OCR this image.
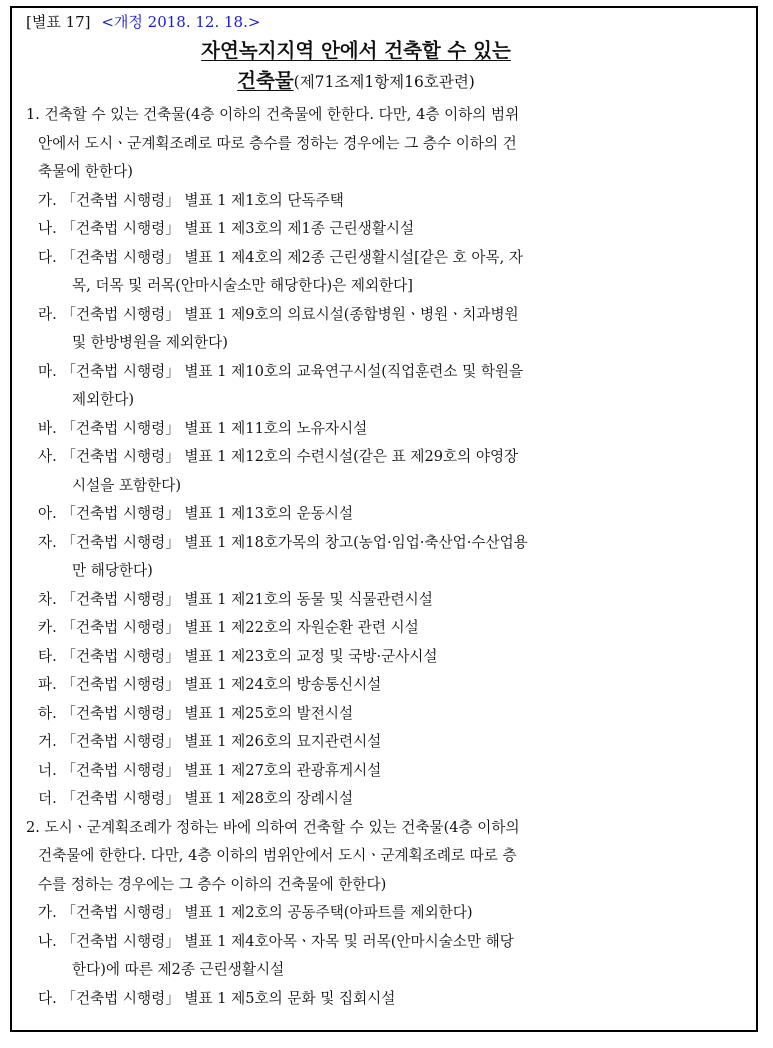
[별표 17] <개정 2018. 12. 18.>
자연녹지지역 안에서 건축할 수 있는
건축물(제71조제1항제16호관련)
1. 건축할 수 있는 건축물(4층 이하의 건축물에 한한다. 다만, 4층 이하의 범위
안에서 도시ㆍ군계획조례로 따로 층수를 정하는 경우에는 그 층수 이하의 건
축물에 한한다)
가. 「건축법 시행령」 별표 1 제1호의 단독주택
나. 「건축법 시행령」 별표 1 제3호의 제1종 근린생활시설
다. 「건축법 시행령」 별표 1 제4호의 제2종 근린생활시설[같은 호 아목, 자
목, 더목 및 러목(안마시술소만 해당한다)은 제외한다]
라. 「건축법 시행령」 별표 1 제9호의 의료시설(종합병원ㆍ병원ㆍ치과병원
및 한방병원을 제외한다)
마. 「건축법 시행령」 별표 1 제10호의 교육연구시설(직업훈련소 및 학원을
제외한다)
바. 「건축법 시행령」 별표 1 제11호의 노유자시설
사. 「건축법 시행령」 별표 1 제12호의 수련시설(같은 표 제29호의 야영장
시설을 포함한다)
아. 「건축법 시행령」 별표 1 제13호의 운동시설
자. 「건축법 시행령」 별표 1 제18호가목의 창고(농업·임업·축산업·수산업용
만 해당한다)
차. 「건축법 시행령」 별표 1 제21호의 동물 및 식물관련시설
카. 「건축법 시행령」 별표 1 제22호의 자원순환 관련 시설
타. 「건축법 시행령」 별표 1 제23호의 교정 및 국방·군사시설
파. 「건축법 시행령」 별표 1 제24호의 방송통신시설
하. 「건축법 시행령」 별표 1 제25호의 발전시설
거. 「건축법 시행령」 별표 1 제26호의 묘지관련시설
너. 「건축법 시행령」 별표 1 제27호의 관광휴게시설
더. 「건축법 시행령」 별표 1 제28호의 장례시설
2. 도시ㆍ군계획조례가 정하는 바에 의하여 건축할 수 있는 건축물(4층 이하의
건축물에 한한다. 다만, 4층 이하의 범위안에서 도시ㆍ군계획조례로 따로 층
수를 정하는 경우에는 그 층수 이하의 건축물에 한한다)
가. 「건축법 시행령」 별표 1 제2호의 공동주택(아파트를 제외한다)
나. 「건축법 시행령」 별표 1 제4호아목ㆍ자목 및 러목(안마시술소만 해당
한다)에 따른 제2종 근린생활시설
다. 「건축법 시행령」 별표 1 제5호의 문화 및 집회시설
